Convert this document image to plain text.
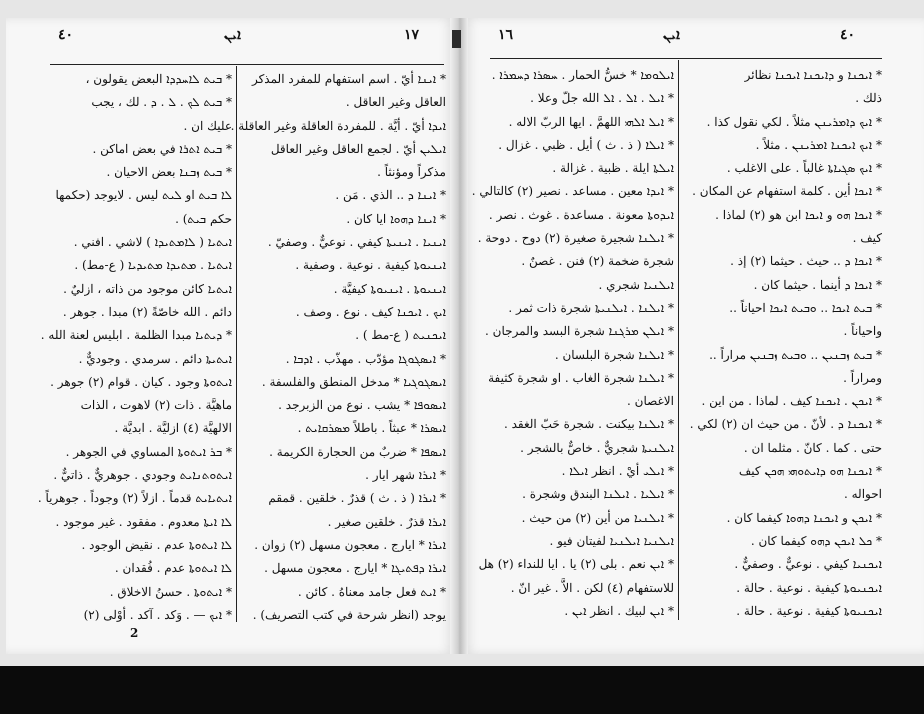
٤٠	ܐܝܢ	١٧	١٦	ܐܝܢ	٤٠
* ܒܝܬ ܠܐܚܕܕܐ البعض يقولون ،
* ܒܝܬ ܠܟ . ܠ . ܕ . لك ، يجب
عليك ان .
* ܒܝܬ ܐܬܪܐ في بعض اماكن .
* ܒܝܬ ܙܒܢܐ بعض الاحيان .
ܠܐ ܒܝܬ او ܠܝܬ ليس . لايوجد (حكمها
حكم ܒܝܬ) .
ܐܝܬܝܐ ( ܠܐܡܬܝܕܐ ) لاشي . افني .
ܐܝܬܝܐ . ܡܬܝܕܐ ܡܬܝܕܝܐ ( ع-مط) .
ܐܝܬܝܐ كائن موجود من ذاته ، ازليٌ .
دائم . الله خاصّةً (٢) مبدا . جوهر .
* ܕܝܬܝܐ مبدا الظلمة . ابليس لعنة الله .
ܐܝܬܝܬܐ دائم . سرمدي . وجوديٌّ .
ܐܝܬܘܬܐ وجود . كيان . قوام (٢) جوهر .
ماهيَّة . ذات (٢) لاهوت ، الذات
الالهيَّة (٤) ازليَّة . ابديَّة .
* ܒܪ ܐܝܬܘܬܐ المساوي في الجوهر .
ܐܝܬܘܬܢܐܝܬ وجودي . جوهريٌّ . ذاتيٌّ .
ܐܝܬܝܐܝܬ قدماً . ازلاً (٢) وجوداً . جوهرياً .
ܠܐ ܐܝܬܐ معدوم . مفقود . غير موجود .
ܠܐ ܐܝܬܘܬܐ عدم . نقيض الوجود .
ܠܐ ܐܝܬܘܬܐ عدم . فُقدان .
* ܐܝܬܘܬܐ . حسنُ الاخلاق .
* ܐܝܟ — . وَكد . آكد . أوْلى (٢)
* ܐܝܢܐ أيّ . اسم استفهام للمفرد المذكر
العاقل وغير العاقل .
ܐܝܕܐ أيّ . أيَّة . للمفردة العاقلة وغير العاقلة .
ܐܝܠܝܢ أيّ . لجمع العاقل وغير العاقل
مذكراً ومؤنثاً .
* ܐܝܢܐ ܕ .. الذي . مَن .
* ܐܝܢܐ ܕܗܘܐ ايا كان .
ܐܝܢܝܐ . ܐܝܢܝܬܐ كيفي . نوعيٌّ . وصفيّ .
ܐܝܢܝܘܬܐ كيفية . نوعية . وصفية .
ܐܝܢܝܘܬܐ . ܐܝܢܝܘܬܐ كيفيَّة .
ܐܝܟ . ܐܝܟܢܐ كيف . نوع . وصف .
ܐܝܟܢܝܬ ( ع-مط ) .
* ܐܝܣܓܘܓܐ مؤدّب . مهذّب . ܐܕܒܐ .
ܐܝܣܓܘܓܝܐ * مدخل المنطق والفلسفة .
ܐܝܣܘܦܐ * يشب . نوع من الزبرجد .
ܐܝܣܪܐ * عبثاً . باطلاً ܡܣܪܩܐܝܬ .
ܐܝܣܦܐ * ضربٌ من الحجارة الكريمة .
* ܐܝܪܐ شهر ايار .
* ܐܝܪܐ ( ذ . ث ) قذرٌ . خلقين . قمقم
ܐܝܪܐ قذرٌ . خلقين صغير .
ܐܝܪܐ * ايارج . معجون مسهل (٢) زوان .
ܐܝܪܐ ܕܦܬܝܓܐ * ايارج . معجون مسهل .
* ܐܝܬ فعل جامد معناهُ . كائن .
يوجد (انظر شرحة في كتب التصريف) .
ܐܝܠܘܡܐ * خسُّ الحمار . ܚܣܪܐ ܕܚܡܪܐ .
* ܐܝܠ . ܐܠ . ܐܠ الله جلّ وعلا .
* ܐܝܠ ܐܠܗܝ اللهمَّ . ايها الربّ الاله .
* ܐܝܠܐ ( ذ . ث ) أيل . ظبي . غزال .
ܐܝܠܬܐ ايلة . ظبية . غزالة .
* ܐܝܕܐ معين . مساعد . نصير (٢) كالتالي .
ܐܝܕܘܬܐ معونة . مساعدة . غوث . نصر .
* ܐܝܠܢܐ شجيرة صغيرة (٢) دوح . دوحة .
شجرة ضخمة (٢) فنن . غصنٌ .
ܐܝܠܢܝܐ شجري .
* ܐܝܠܢܐ . ܐܝܠܢܝܬܐ شجرة ذات ثمر .
* ܐܝܠܢ ܡܪܓܢܐ شجرة البسد والمرجان .
* ܐܝܠܢܐ شجرة البلسان .
* ܐܝܠܢܐ شجرة الغاب . او شجرة كثيفة
الاغصان .
* ܐܝܠܢܐ بيكنت . شجرة حَبّ الغقد .
ܐܝܠܢܝܬܐ شجريٌّ . خاصٌّ بالشجر .
* ܐܝܠܝ أيْ . انظر ܐܝܠܐ .
* ܐܝܠܝܐ . ܐܝܠܢܐ البندق وشجرة .
* ܐܝܠܢܝܐ من أين (٢) من حيث .
ܐܝܠܢܝܐ ܐܝܠܢܝܐ لفيتان فيو .
* ܐܝܢ نعم . بلى (٢) يا . ايا للنداء (٢) هل
للاستفهام (٤) لكن . الاَّ . غير انّ .
* ܐܝܢ لبيك . انظر ܐܝܢ .
* ܐܝܟܢܐ و ܕܐܝܟܢܐ ܐܝܟܢܐ نظائر
ذلك .
* ܐܝܟ ܕܐܡܪܝܢܢ مثلاً . لكي نقول كذا .
* ܐܝܟ ܐܝܟܢܐ ܐܡܪܝܢܢ . مثلاً .
* ܐܝܟ ܣܓܝܐܬܐ غالباً . على الاغلب .
* ܐܝܟܐ أين . كلمة استفهام عن المكان .
* ܐܝܟܐ ܗܘ و ܐܝܟܐ ابن هو (٢) لماذا .
كيف .
* ܐܝܟܐ ܕ .. حيث . حيثما (٢) إذ .
* ܐܝܟܐ ܕ أينما . حيثما كان .
* ܒܝܬ ܐܝܟܐ .. ܘܒܝܬ ܐܝܟܐ احياناً ..
واحياناً .
* ܒܝܬ ܙܒܢܝܢ .. ܘܒܝܬ ܙܒܢܝܢ مراراً ..
ومراراً .
* ܐܝܟܢ . ܐܝܟܢܐ كيف . لماذا . من اين .
* ܐܝܟܢܐ ܕ . لأنّ . من حيث ان (٢) لكي .
حتى . كما . كانّ . مثلما ان .
* ܐܝܟܢܐ ܗܘ ܕܐܝܬܘܗܝ ܗܟܢ كيف
احواله .
* ܐܝܟܢ و ܐܝܟܢܐ ܕܗܘܐ كيفما كان .
* ܟܠ ܐܝܟܢ ܕܗܘ كيفما كان .
ܐܝܟܢܝܐ كيفي . نوعيٌّ . وصفيٌّ .
ܐܝܟܢܝܘܬܐ كيفية . نوعية . حالة .
ܐܝܟܢܝܘܬܐ كيفية . نوعية . حالة .
2
